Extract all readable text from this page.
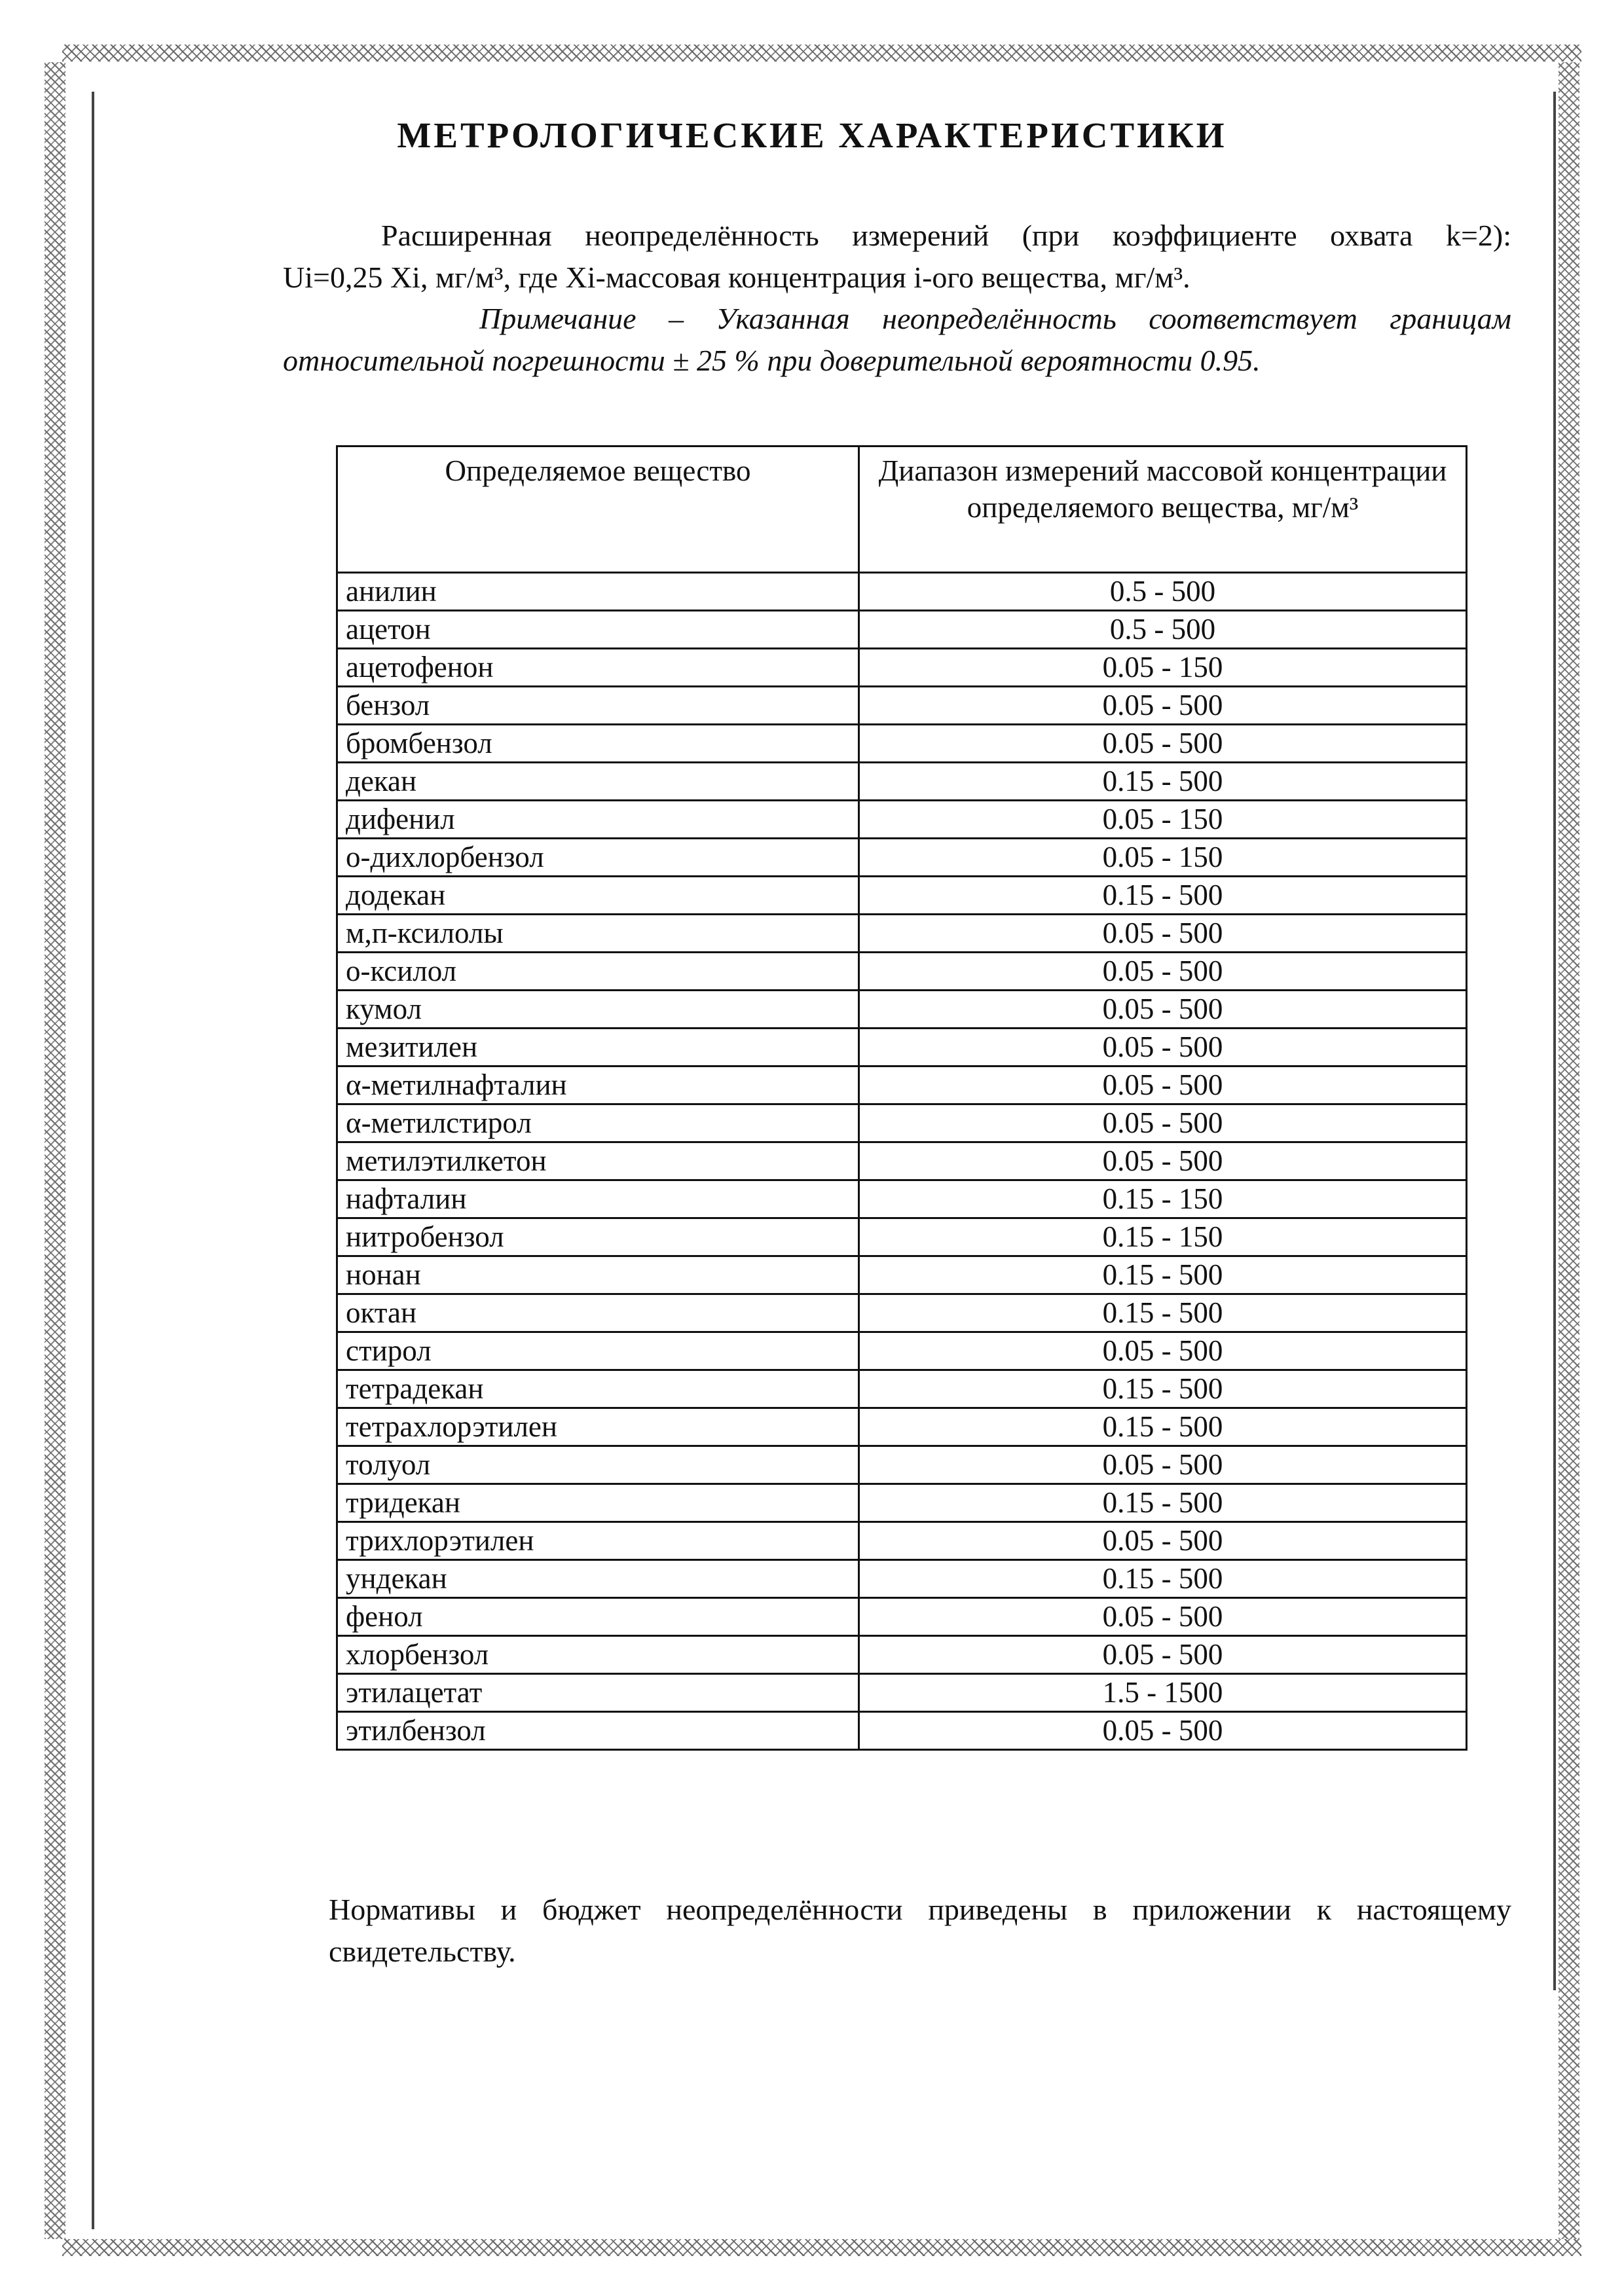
МЕТРОЛОГИЧЕСКИЕ ХАРАКТЕРИСТИКИ
Расширенная неопределённость измерений (при коэффициенте охвата k=2):
Ui=0,25 Xi, мг/м³, где Xi-массовая концентрация i-ого вещества, мг/м³.
Примечание – Указанная неопределённость соответствует границам
относительной погрешности ± 25 % при доверительной вероятности 0.95.
Определяемое вещество	Диапазон измерений массовой концентрации определяемого вещества, мг/м³
анилин	0.5 - 500
ацетон	0.5 - 500
ацетофенон	0.05 - 150
бензол	0.05 - 500
бромбензол	0.05 - 500
декан	0.15 - 500
дифенил	0.05 - 150
о-дихлорбензол	0.05 - 150
додекан	0.15 - 500
м,п-ксилолы	0.05 - 500
о-ксилол	0.05 - 500
кумол	0.05 - 500
мезитилен	0.05 - 500
α-метилнафталин	0.05 - 500
α-метилстирол	0.05 - 500
метилэтилкетон	0.05 - 500
нафталин	0.15 - 150
нитробензол	0.15 - 150
нонан	0.15 - 500
октан	0.15 - 500
стирол	0.05 - 500
тетрадекан	0.15 - 500
тетрахлорэтилен	0.15 - 500
толуол	0.05 - 500
тридекан	0.15 - 500
трихлорэтилен	0.05 - 500
ундекан	0.15 - 500
фенол	0.05 - 500
хлорбензол	0.05 - 500
этилацетат	1.5 - 1500
этилбензол	0.05 - 500
Нормативы и бюджет неопределённости приведены в приложении к настоящему
свидетельству.
